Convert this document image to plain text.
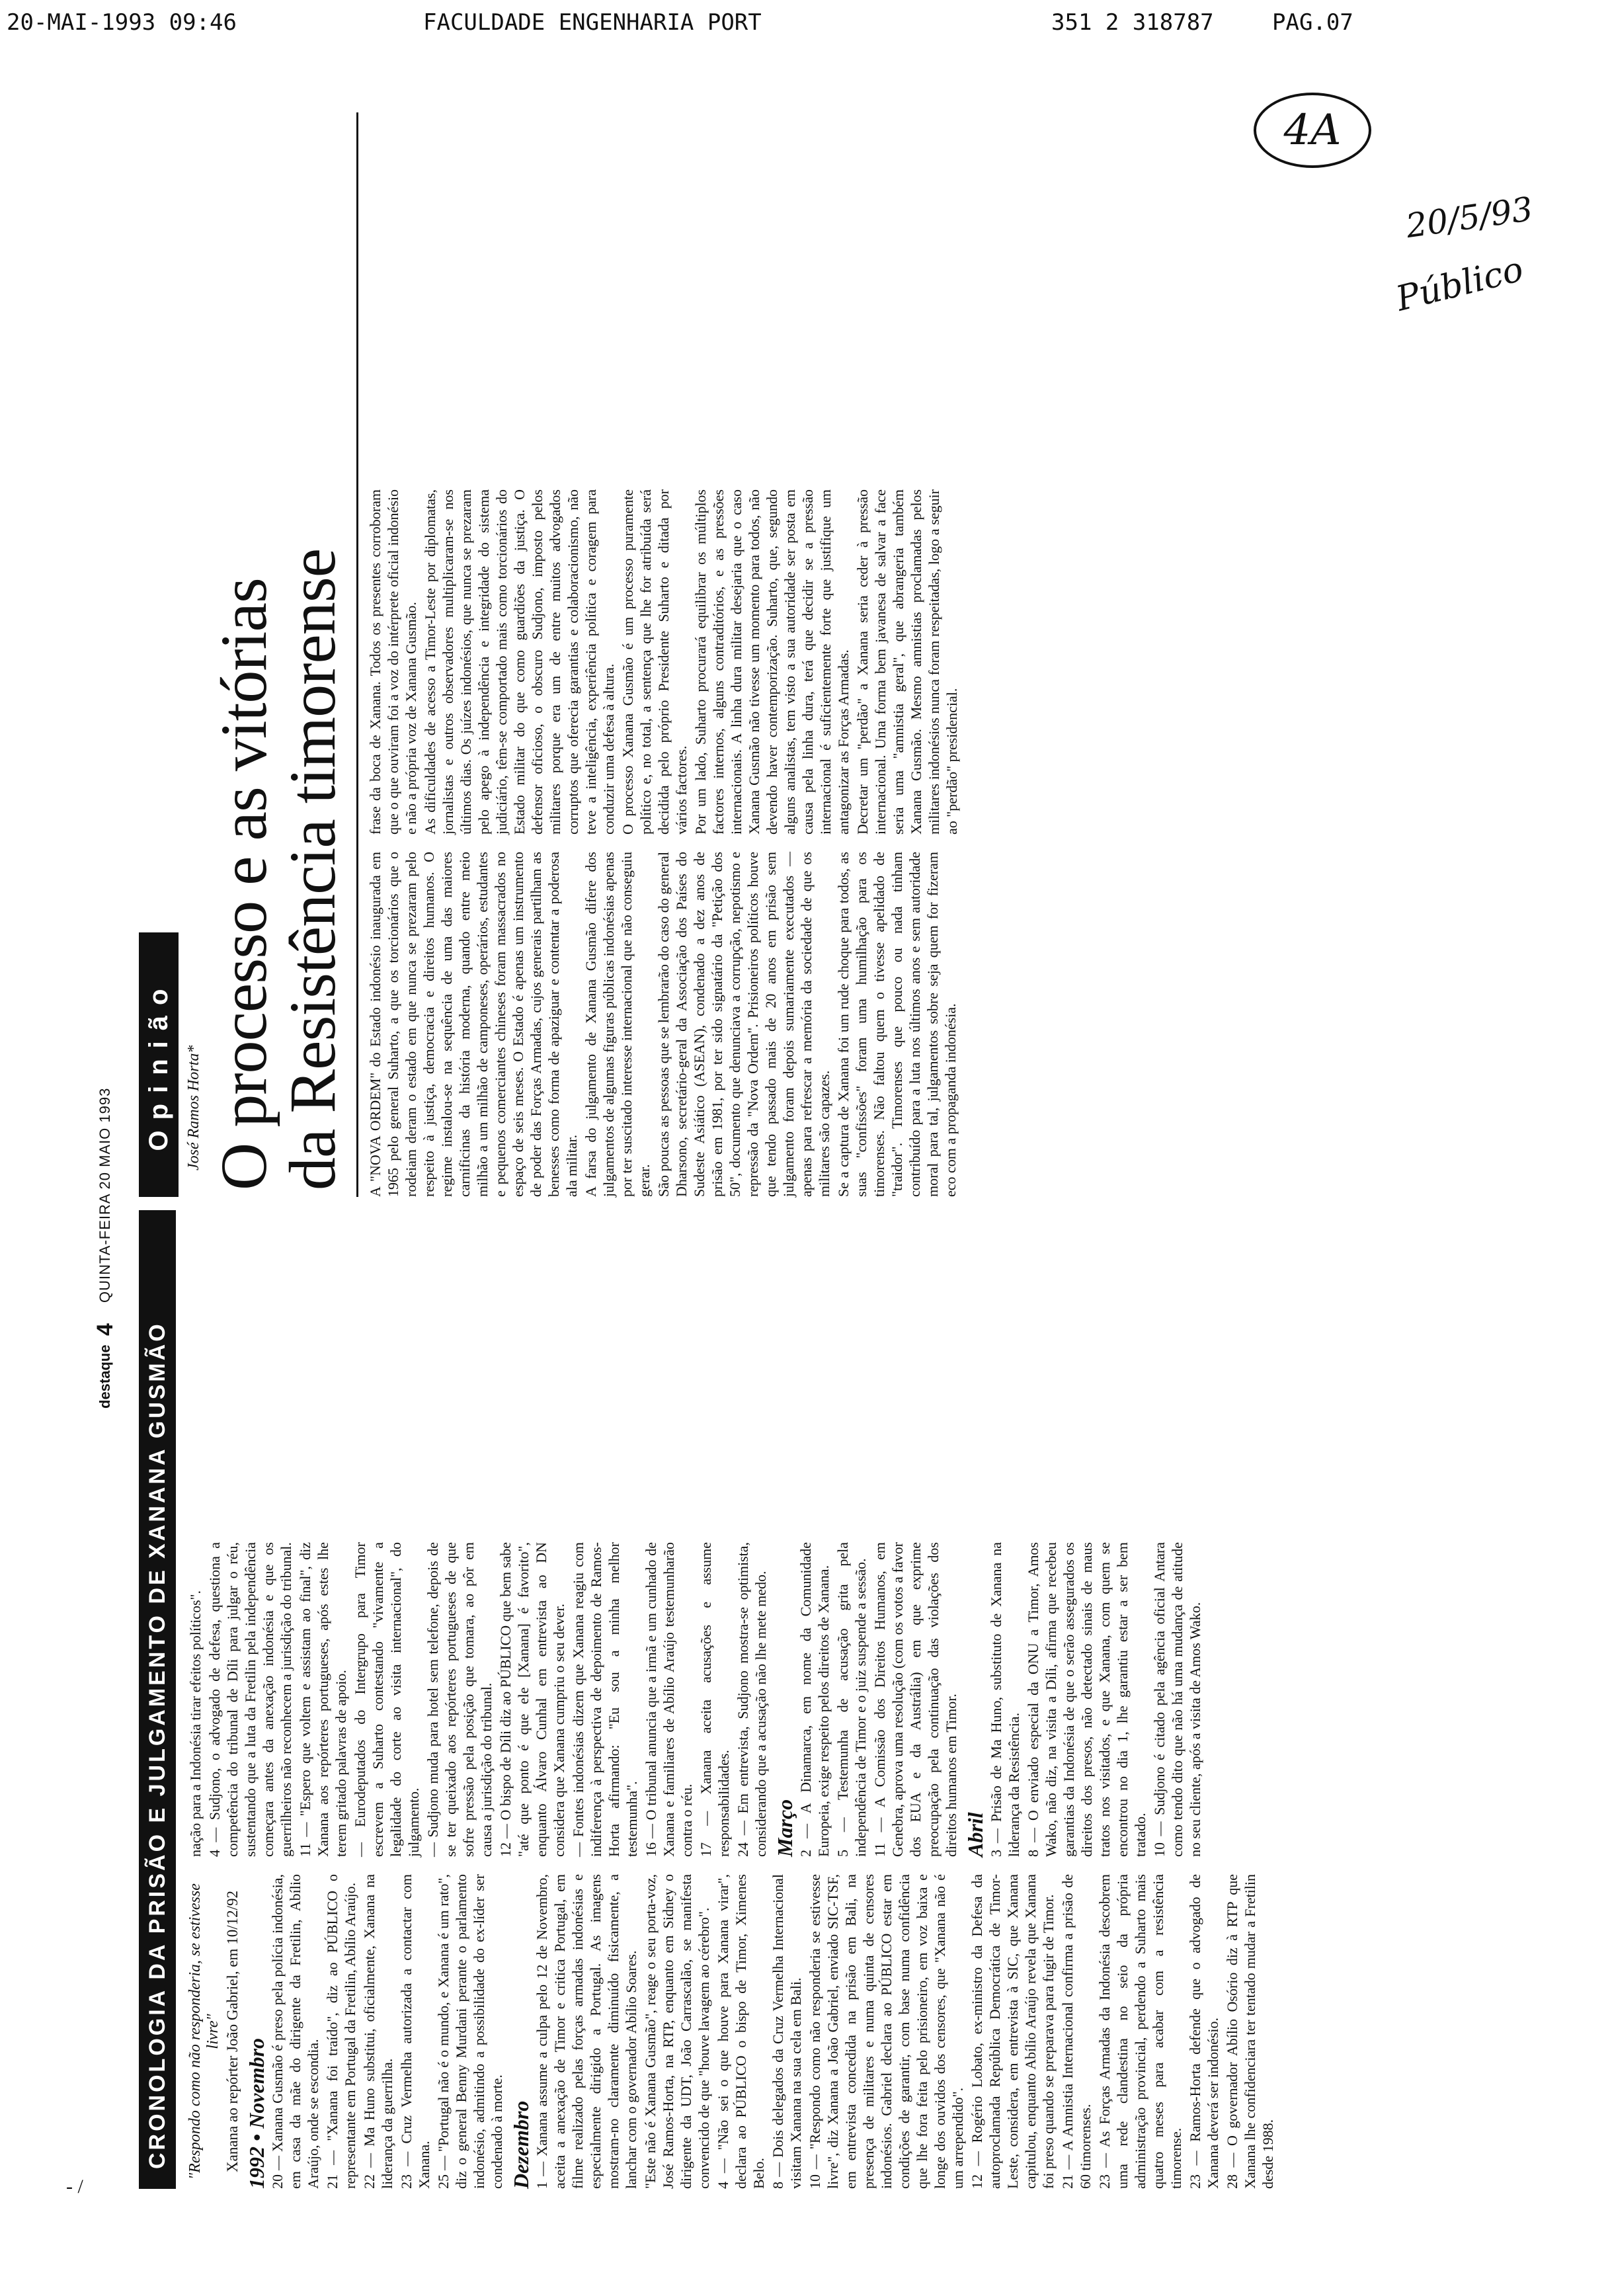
20-MAI-1993 09:46	FACULDADE ENGENHARIA PORT	351 2 318787	PAG.07
4A
20/5/93
Público
destaque
4
QUINTA-FEIRA 20 MAIO 1993
CRONOLOGIA DA PRISÃO E JULGAMENTO DE XANANA GUSMÃO	"Respondo como não responderia, se estivesse livre" Xanana ao repórter João Gabriel, em 10/12/92 1992 • Novembro 20 — Xanana Gusmão é preso pela polícia indonésia, em casa da mãe do dirigente da Fretilin, Abílio Araújo, onde se escondia. 21 — "Xanana foi traído", diz ao PÚBLICO o representante em Portugal da Fretilin, Abílio Araújo. 22 — Ma Huno substitui, oficialmente, Xanana na liderança da guerrilha. 23 — Cruz Vermelha autorizada a contactar com Xanana. 25 — "Portugal não é o mundo, e Xanana é um rato", diz o general Benny Murdani perante o parlamento indonésio, admitindo a possibilidade do ex-líder ser condenado à morte. Dezembro 1 — Xanana assume a culpa pelo 12 de Novembro, aceita a anexação de Timor e critica Portugal, em filme realizado pelas forças armadas indonésias e especialmente dirigido a Portugal. As imagens mostram-no claramente diminuído fisicamente, a lanchar com o governador Abílio Soares. "Este não é Xanana Gusmão", reage o seu porta-voz, José Ramos-Horta, na RTP, enquanto em Sidney o dirigente da UDT, João Carrascalão, se manifesta convencido de que "houve lavagem ao cérebro". 4 — "Não sei o que houve para Xanana virar", declara ao PÚBLICO o bispo de Timor, Ximenes Belo. 8 — Dois delegados da Cruz Vermelha Internacional visitam Xanana na sua cela em Bali. 10 — "Respondo como não responderia se estivesse livre", diz Xanana a João Gabriel, enviado SIC-TSF, em entrevista concedida na prisão em Bali, na presença de militares e numa quinta de censores indonésios. Gabriel declara ao PÚBLICO estar em condições de garantir, com base numa confidência que lhe fora feita pelo prisioneiro, em voz baixa e longe dos ouvidos dos censores, que "Xanana não é um arrependido". 12 — Rogério Lobato, ex-ministro da Defesa da autoproclamada República Democrática de Timor-Leste, considera, em entrevista à SIC, que Xanana capitulou, enquanto Abílio Araújo revela que Xanana foi preso quando se preparava para fugir de Timor. 21 — A Amnistia Internacional confirma a prisão de 60 timorenses. 23 — As Forças Armadas da Indonésia descobrem uma rede clandestina no seio da própria administração provincial, perdendo a Suharto mais quatro meses para acabar com a resistência timorense. 23 — Ramos-Horta defende que o advogado de Xanana deverá ser indonésio. 28 — O governador Abílio Osório diz à RTP que Xanana lhe confidenciara ter tentado mudar a Fretilin desde 1988.

nação para a Indonésia tirar efeitos políticos". 4 — Sudjono, o advogado de defesa, questiona a competência do tribunal de Díli para julgar o réu, sustentando que a luta da Fretilin pela independência começara antes da anexação indonésia e que os guerrilheiros não reconhecem a jurisdição do tribunal. 11 — "Espero que voltem e assistam ao final", diz Xanana aos repórteres portugueses, após estes lhe terem gritado palavras de apoio. — Eurodeputados do Intergrupo para Timor escrevem a Suharto contestando "vivamente a legalidade do corte ao visita internacional", do julgamento. — Sudjono muda para hotel sem telefone, depois de se ter queixado aos repórteres portugueses de que sofre pressão pela posição que tomara, ao pôr em causa a jurisdição do tribunal. 12 — O bispo de Díli diz ao PÚBLICO que bem sabe "até que ponto é que ele [Xanana] é favorito", enquanto Álvaro Cunhal em entrevista ao DN considera que Xanana cumpriu o seu dever. — Fontes indonésias dizem que Xanana reagiu com indiferença à perspectiva de depoimento de Ramos-Horta afirmando: "Eu sou a minha melhor testemunha". 16 — O tribunal anuncia que a irmã e um cunhado de Xanana e familiares de Abílio Araújo testemunharão contra o réu. 17 — Xanana aceita acusações e assume responsabilidades. 24 — Em entrevista, Sudjono mostra-se optimista, considerando que a acusação não lhe mete medo. Março 2 — A Dinamarca, em nome da Comunidade Europeia, exige respeito pelos direitos de Xanana. 5 — Testemunha de acusação grita pela independência de Timor e o juiz suspende a sessão. 11 — A Comissão dos Direitos Humanos, em Genebra, aprova uma resolução (com os votos a favor dos EUA e da Austrália) em que exprime preocupação pela continuação das violações dos direitos humanos em Timor. Abril 3 — Prisão de Ma Huno, substituto de Xanana na liderança da Resistência. 8 — O enviado especial da ONU a Timor, Amos Wako, não diz, na visita a Díli, afirma que recebeu garantias da Indonésia de que o serão assegurados os direitos dos presos, não detectado sinais de maus tratos nos visitados, e que Xanana, com quem se encontrou no dia 1, lhe garantiu estar a ser bem tratado. 10 — Sudjono é citado pela agência oficial Antara como tendo dito que não há uma mudança de atitude no seu cliente, após a visita de Amos Wako.

Opinião José Ramos Horta* O processo e as vitórias
da Resistência timorense A "NOVA ORDEM" do Estado indonésio inaugurada em 1965 pelo general Suharto, a que os torcionários que o rodeiam deram o estado em que nunca se prezaram pelo respeito à justiça, democracia e direitos humanos. O regime instalou-se na sequência de uma das maiores carnificinas da história moderna, quando entre meio milhão a um milhão de camponeses, operários, estudantes e pequenos comerciantes chineses foram massacrados no espaço de seis meses. O Estado é apenas um instrumento de poder das Forças Armadas, cujos generais partilham as benesses como forma de apaziguar e contentar a poderosa ala militar. A farsa do julgamento de Xanana Gusmão difere dos julgamentos de algumas figuras públicas indonésias apenas por ter suscitado interesse internacional que não conseguiu gerar. São poucas as pessoas que se lembrarão do caso do general Dharsono, secretário-geral da Associação dos Países do Sudeste Asiático (ASEAN), condenado a dez anos de prisão em 1981, por ter sido signatário da "Petição dos 50", documento que denunciava a corrupção, nepotismo e repressão da "Nova Ordem". Prisioneiros políticos houve que tendo passado mais de 20 anos em prisão sem julgamento foram depois sumariamente executados — apenas para refrescar a memória da sociedade de que os militares são capazes. Se a captura de Xanana foi um rude choque para todos, as suas "confissões" foram uma humilhação para os timorenses. Não faltou quem o tivesse apelidado de "traidor". Timorenses que pouco ou nada tinham contribuído para a luta nos últimos anos e sem autoridade moral para tal, julgamentos sobre seja quem for fizeram eco com a propaganda indonésia.

frase da boca de Xanana. Todos os presentes corroboram que o que ouviram foi a voz do intérprete oficial indonésio e não a própria voz de Xanana Gusmão. As dificuldades de acesso a Timor-Leste por diplomatas, jornalistas e outros observadores multiplicaram-se nos últimos dias. Os juízes indonésios, que nunca se prezaram pelo apego à independência e integridade do sistema judiciário, têm-se comportado mais como torcionários do Estado militar do que como guardiões da justiça. O defensor oficioso, o obscuro Sudjono, imposto pelos militares porque era um de entre muitos advogados corruptos que oferecia garantias e colaboracionismo, não teve a inteligência, experiência política e coragem para conduzir uma defesa à altura. O processo Xanana Gusmão é um processo puramente político e, no total, a sentença que lhe for atribuída será decidida pelo próprio Presidente Suharto e ditada por vários factores. Por um lado, Suharto procurará equilibrar os múltiplos factores internos, alguns contraditórios, e as pressões internacionais. A linha dura militar desejaria que o caso Xanana Gusmão não tivesse um momento para todos, não devendo haver contemporização. Suharto, que, segundo alguns analistas, tem visto a sua autoridade ser posta em causa pela linha dura, terá que decidir se a pressão internacional é suficientemente forte que justifique um antagonizar as Forças Armadas. Decretar um "perdão" a Xanana seria ceder à pressão internacional. Uma forma bem javanesa de salvar a face seria uma "amnistia geral", que abrangeria também Xanana Gusmão. Mesmo amnistias proclamadas pelos militares indonésios nunca foram respeitadas, logo a seguir ao "perdão" presidencial.

- /
